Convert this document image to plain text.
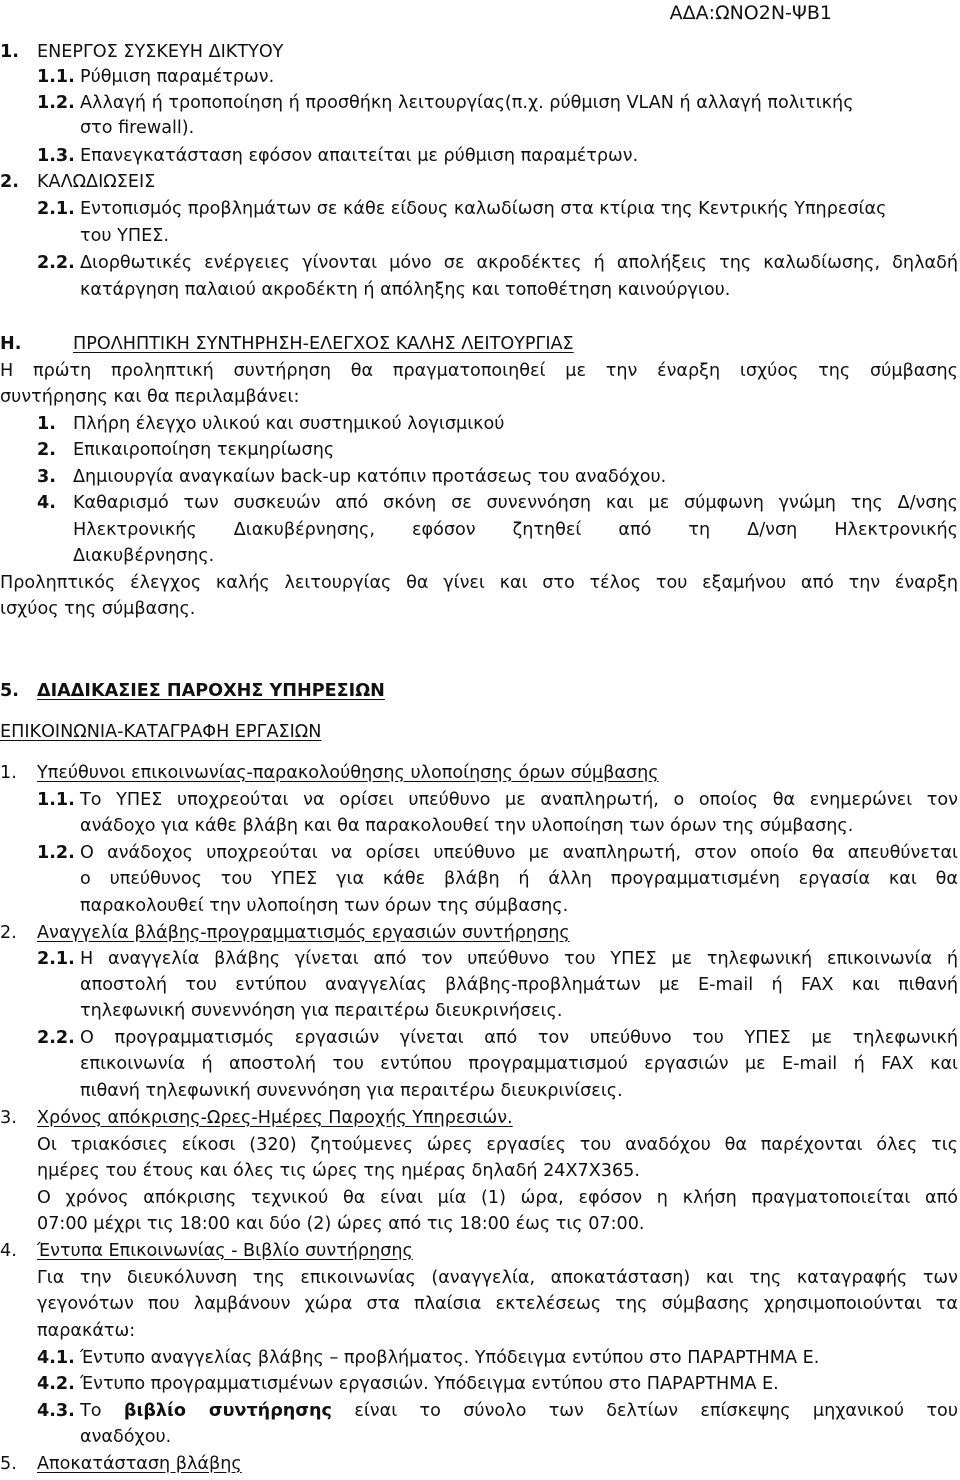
ΑΔΑ:ΩΝΟ2Ν-ΨΒ1
1. ΕΝΕΡΓΟΣ ΣΥΣΚΕΥΗ ΔΙΚΤΥΟΥ
1.1. Ρύθμιση παραμέτρων.
1.2. Αλλαγή ή τροποποίηση ή προσθήκη λειτουργίας(π.χ. ρύθμιση VLAN ή αλλαγή πολιτικής
στο firewall).
1.3. Επανεγκατάσταση εφόσον απαιτείται με ρύθμιση παραμέτρων.
2. ΚΑΛΩΔΙΩΣΕΙΣ
2.1. Εντοπισμός προβλημάτων σε κάθε είδους καλωδίωση στα κτίρια της Κεντρικής Υπηρεσίας
του ΥΠΕΣ.
2.2. Διορθωτικές ενέργειες γίνονται μόνο σε ακροδέκτες ή απολήξεις της καλωδίωσης, δηλαδή
κατάργηση παλαιού ακροδέκτη ή απόληξης και τοποθέτηση καινούργιου.
Η.	ΠΡΟΛΗΠΤΙΚΗ ΣΥΝΤΗΡΗΣΗ-ΕΛΕΓΧΟΣ ΚΑΛΗΣ ΛΕΙΤΟΥΡΓΙΑΣ
Η πρώτη προληπτική συντήρηση θα πραγματοποιηθεί με την έναρξη ισχύος της σύμβασης
συντήρησης και θα περιλαμβάνει:
1. Πλήρη έλεγχο υλικού και συστημικού λογισμικού
2. Επικαιροποίηση τεκμηρίωσης
3. Δημιουργία αναγκαίων back-up κατόπιν προτάσεως του αναδόχου.
4. Καθαρισμό των συσκευών από σκόνη σε συνεννόηση και με σύμφωνη γνώμη της Δ/νσης
Ηλεκτρονικής Διακυβέρνησης, εφόσον ζητηθεί από τη Δ/νση Ηλεκτρονικής
Διακυβέρνησης.
Προληπτικός έλεγχος καλής λειτουργίας θα γίνει και στο τέλος του εξαμήνου από την έναρξη
ισχύος της σύμβασης.
5. ΔΙΑΔΙΚΑΣΙΕΣ ΠΑΡΟΧΗΣ ΥΠΗΡΕΣΙΩΝ
ΕΠΙΚΟΙΝΩΝΙΑ-ΚΑΤΑΓΡΑΦΗ ΕΡΓΑΣΙΩΝ
1. Υπεύθυνοι επικοινωνίας-παρακολούθησης υλοποίησης όρων σύμβασης
1.1. Το ΥΠΕΣ υποχρεούται να ορίσει υπεύθυνο με αναπληρωτή, ο οποίος θα ενημερώνει τον
ανάδοχο για κάθε βλάβη και θα παρακολουθεί την υλοποίηση των όρων της σύμβασης.
1.2. Ο ανάδοχος υποχρεούται να ορίσει υπεύθυνο με αναπληρωτή, στον οποίο θα απευθύνεται
ο υπεύθυνος του ΥΠΕΣ για κάθε βλάβη ή άλλη προγραμματισμένη εργασία και θα
παρακολουθεί την υλοποίηση των όρων της σύμβασης.
2. Αναγγελία βλάβης-προγραμματισμός εργασιών συντήρησης
2.1. Η αναγγελία βλάβης γίνεται από τον υπεύθυνο του ΥΠΕΣ με τηλεφωνική επικοινωνία ή
αποστολή του εντύπου αναγγελίας βλάβης-προβλημάτων με E-mail ή FAX και πιθανή
τηλεφωνική συνεννόηση για περαιτέρω διευκρινήσεις.
2.2. Ο προγραμματισμός εργασιών γίνεται από τον υπεύθυνο του ΥΠΕΣ με τηλεφωνική
επικοινωνία ή αποστολή του εντύπου προγραμματισμού εργασιών με E-mail ή FAX και
πιθανή τηλεφωνική συνεννόηση για περαιτέρω διευκρινίσεις.
3. Χρόνος απόκρισης-Ωρες-Ημέρες Παροχής Υπηρεσιών.
Οι τριακόσιες είκοσι (320) ζητούμενες ώρες εργασίες του αναδόχου θα παρέχονται όλες τις
ημέρες του έτους και όλες τις ώρες της ημέρας δηλαδή 24Χ7Χ365.
Ο χρόνος απόκρισης τεχνικού θα είναι μία (1) ώρα, εφόσον η κλήση πραγματοποιείται από
07:00 μέχρι τις 18:00 και δύο (2) ώρες από τις 18:00 έως τις 07:00.
4. Έντυπα Επικοινωνίας - Βιβλίο συντήρησης
Για την διευκόλυνση της επικοινωνίας (αναγγελία, αποκατάσταση) και της καταγραφής των
γεγονότων που λαμβάνουν χώρα στα πλαίσια εκτελέσεως της σύμβασης χρησιμοποιούνται τα
παρακάτω:
4.1. Έντυπο αναγγελίας βλάβης – προβλήματος. Υπόδειγμα εντύπου στο ΠΑΡΑΡΤΗΜΑ Ε.
4.2. Έντυπο προγραμματισμένων εργασιών. Υπόδειγμα εντύπου στο ΠΑΡΑΡΤΗΜΑ Ε.
4.3. Το βιβλίο συντήρησης είναι το σύνολο των δελτίων επίσκεψης μηχανικού του
αναδόχου.
5. Αποκατάσταση βλάβης
